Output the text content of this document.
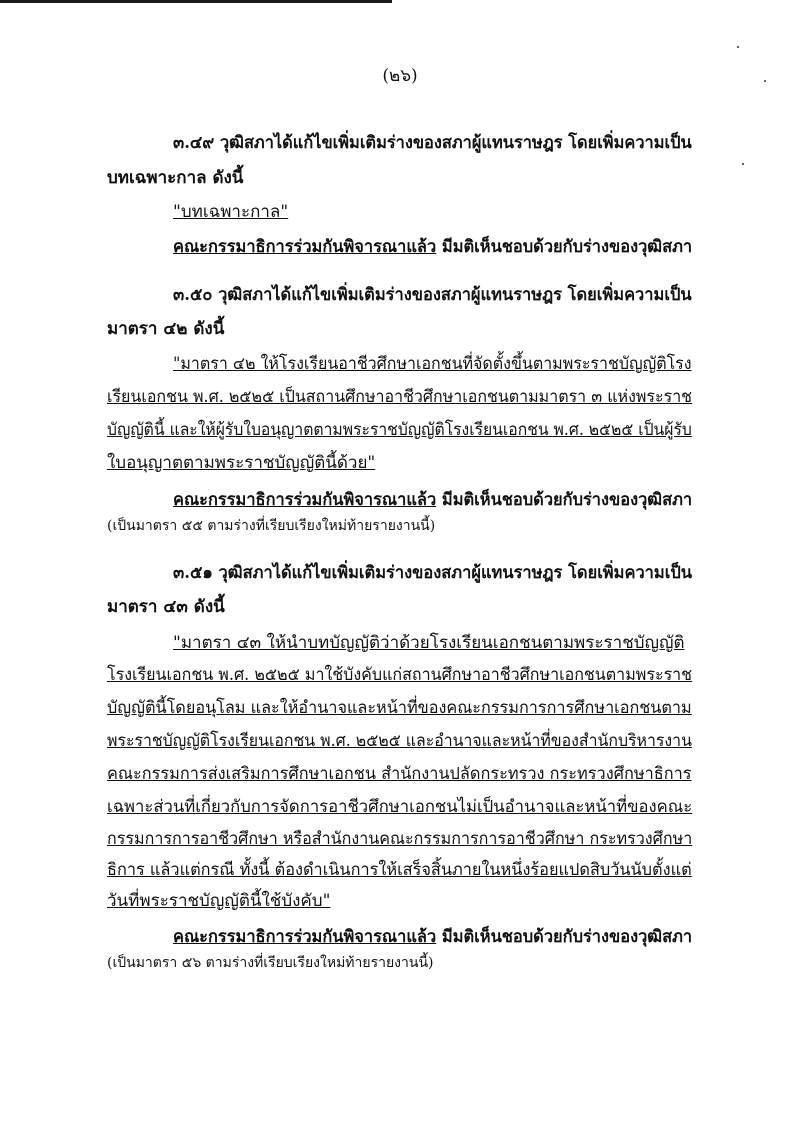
(๒๖)
๓.๔๙ วุฒิสภาได้แก้ไขเพิ่มเติมร่างของสภาผู้แทนราษฎร โดยเพิ่มความเป็น
บทเฉพาะกาล ดังนี้
"บทเฉพาะกาล"
คณะกรรมาธิการร่วมกันพิจารณาแล้ว มีมติเห็นชอบด้วยกับร่างของวุฒิสภา
๓.๕๐ วุฒิสภาได้แก้ไขเพิ่มเติมร่างของสภาผู้แทนราษฎร โดยเพิ่มความเป็น
มาตรา ๔๒ ดังนี้
"มาตรา ๔๒ ให้โรงเรียนอาชีวศึกษาเอกชนที่จัดตั้งขึ้นตามพระราชบัญญัติโรง
เรียนเอกชน พ.ศ. ๒๕๒๕ เป็นสถานศึกษาอาชีวศึกษาเอกชนตามมาตรา ๓ แห่งพระราช
บัญญัตินี้ และให้ผู้รับใบอนุญาตตามพระราชบัญญัติโรงเรียนเอกชน พ.ศ. ๒๕๒๕ เป็นผู้รับ
ใบอนุญาตตามพระราชบัญญัตินี้ด้วย"
คณะกรรมาธิการร่วมกันพิจารณาแล้ว มีมติเห็นชอบด้วยกับร่างของวุฒิสภา
(เป็นมาตรา ๕๕ ตามร่างที่เรียบเรียงใหม่ท้ายรายงานนี้)
๓.๕๑ วุฒิสภาได้แก้ไขเพิ่มเติมร่างของสภาผู้แทนราษฎร โดยเพิ่มความเป็น
มาตรา ๔๓ ดังนี้
"มาตรา ๔๓ ให้นำบทบัญญัติว่าด้วยโรงเรียนเอกชนตามพระราชบัญญัติ
โรงเรียนเอกชน พ.ศ. ๒๕๒๕ มาใช้บังคับแก่สถานศึกษาอาชีวศึกษาเอกชนตามพระราช
บัญญัตินี้โดยอนุโลม และให้อำนาจและหน้าที่ของคณะกรรมการการศึกษาเอกชนตาม
พระราชบัญญัติโรงเรียนเอกชน พ.ศ. ๒๕๒๕ และอำนาจและหน้าที่ของสำนักบริหารงาน
คณะกรรมการส่งเสริมการศึกษาเอกชน สำนักงานปลัดกระทรวง กระทรวงศึกษาธิการ
เฉพาะส่วนที่เกี่ยวกับการจัดการอาชีวศึกษาเอกชนไม่เป็นอำนาจและหน้าที่ของคณะ
กรรมการการอาชีวศึกษา หรือสำนักงานคณะกรรมการการอาชีวศึกษา กระทรวงศึกษา
ธิการ แล้วแต่กรณี ทั้งนี้ ต้องดำเนินการให้เสร็จสิ้นภายในหนึ่งร้อยแปดสิบวันนับตั้งแต่
วันที่พระราชบัญญัตินี้ใช้บังคับ"
คณะกรรมาธิการร่วมกันพิจารณาแล้ว มีมติเห็นชอบด้วยกับร่างของวุฒิสภา
(เป็นมาตรา ๕๖ ตามร่างที่เรียบเรียงใหม่ท้ายรายงานนี้)
